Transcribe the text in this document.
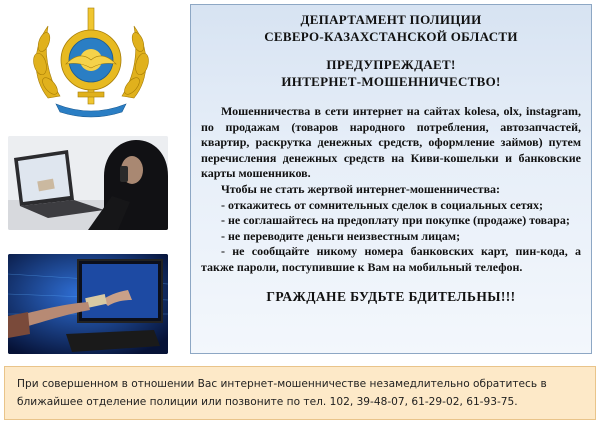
ДЕПАРТАМЕНТ ПОЛИЦИИ
СЕВЕРО-КАЗАХСТАНСКОЙ ОБЛАСТИ
ПРЕДУПРЕЖДАЕТ!
ИНТЕРНЕТ-МОШЕННИЧЕСТВО!

Мошенничества в сети интернет на сайтах kolesa, olx, instagram, по продажам (товаров народного потребления, автозапчастей, квартир, раскрутка денежных средств, оформление займов) путем перечисления денежных средств на Киви-кошельки и банковские карты мошенников.

Чтобы не стать жертвой интернет-мошенничества:

- откажитесь от сомнительных сделок в социальных сетях;

- не соглашайтесь на предоплату при покупке (продаже) товара;

- не переводите деньги неизвестным лицам;

- не сообщайте никому номера банковских карт, пин-кода, а также пароли, поступившие к Вам на мобильный телефон.

ГРАЖДАНЕ БУДЬТЕ БДИТЕЛЬНЫ!!!
При совершенном в отношении Вас интернет-мошенничестве незамедлительно обратитесь в ближайшее отделение полиции или позвоните по тел. 102, 39-48-07, 61-29-02, 61-93-75.
